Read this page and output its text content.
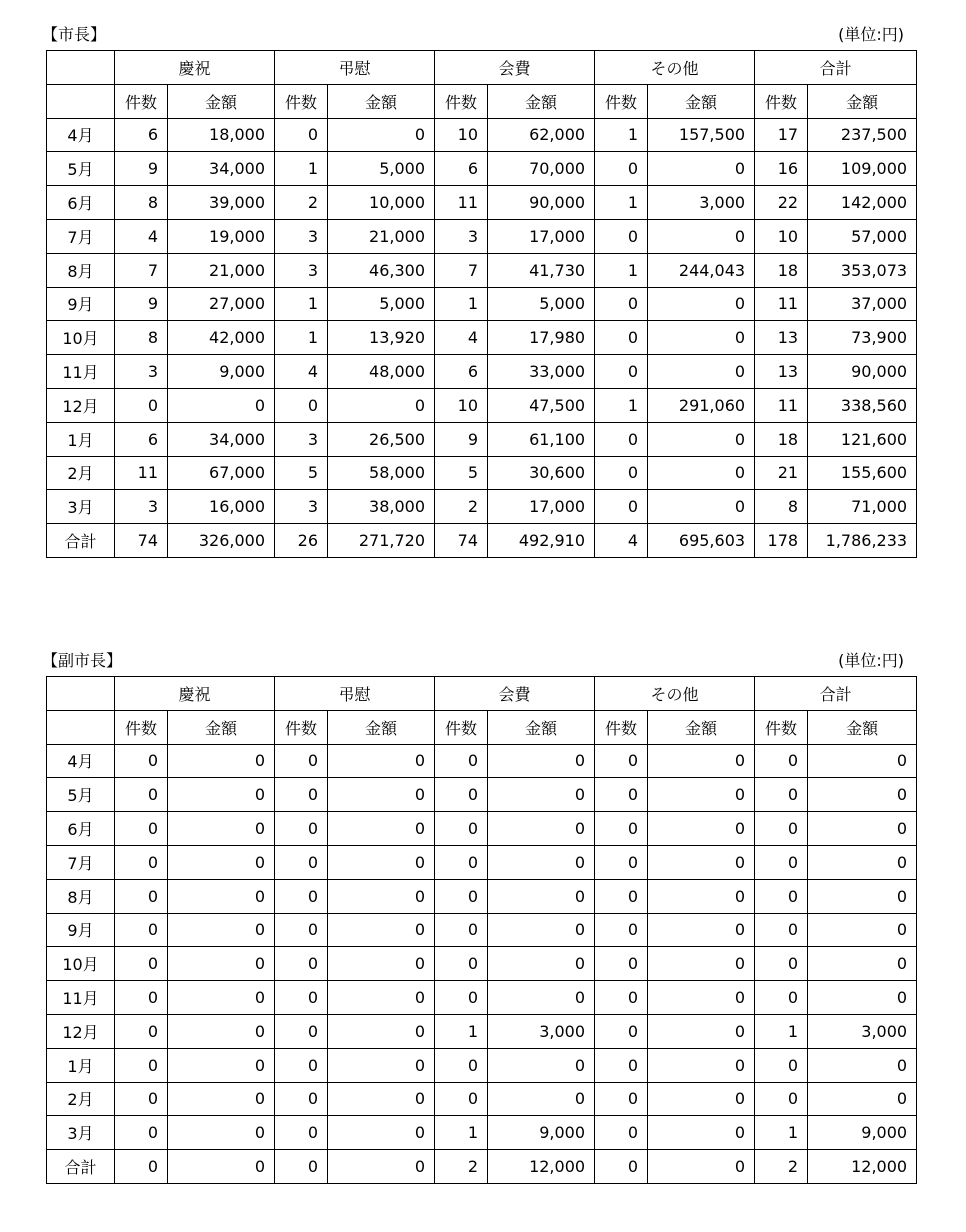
【市長】	(単位:円)
	慶祝		弔慰		会費		その他		合計	
	件数	金額	件数	金額	件数	金額	件数	金額	件数	金額
4月	6	18,000	0	0	10	62,000	1	157,500	17	237,500
5月	9	34,000	1	5,000	6	70,000	0	0	16	109,000
6月	8	39,000	2	10,000	11	90,000	1	3,000	22	142,000
7月	4	19,000	3	21,000	3	17,000	0	0	10	57,000
8月	7	21,000	3	46,300	7	41,730	1	244,043	18	353,073
9月	9	27,000	1	5,000	1	5,000	0	0	11	37,000
10月	8	42,000	1	13,920	4	17,980	0	0	13	73,900
11月	3	9,000	4	48,000	6	33,000	0	0	13	90,000
12月	0	0	0	0	10	47,500	1	291,060	11	338,560
1月	6	34,000	3	26,500	9	61,100	0	0	18	121,600
2月	11	67,000	5	58,000	5	30,600	0	0	21	155,600
3月	3	16,000	3	38,000	2	17,000	0	0	8	71,000
合計	74	326,000	26	271,720	74	492,910	4	695,603	178	1,786,233
【副市長】	(単位:円)
	慶祝		弔慰		会費		その他		合計	
	件数	金額	件数	金額	件数	金額	件数	金額	件数	金額
4月	0	0	0	0	0	0	0	0	0	0
5月	0	0	0	0	0	0	0	0	0	0
6月	0	0	0	0	0	0	0	0	0	0
7月	0	0	0	0	0	0	0	0	0	0
8月	0	0	0	0	0	0	0	0	0	0
9月	0	0	0	0	0	0	0	0	0	0
10月	0	0	0	0	0	0	0	0	0	0
11月	0	0	0	0	0	0	0	0	0	0
12月	0	0	0	0	1	3,000	0	0	1	3,000
1月	0	0	0	0	0	0	0	0	0	0
2月	0	0	0	0	0	0	0	0	0	0
3月	0	0	0	0	1	9,000	0	0	1	9,000
合計	0	0	0	0	2	12,000	0	0	2	12,000
